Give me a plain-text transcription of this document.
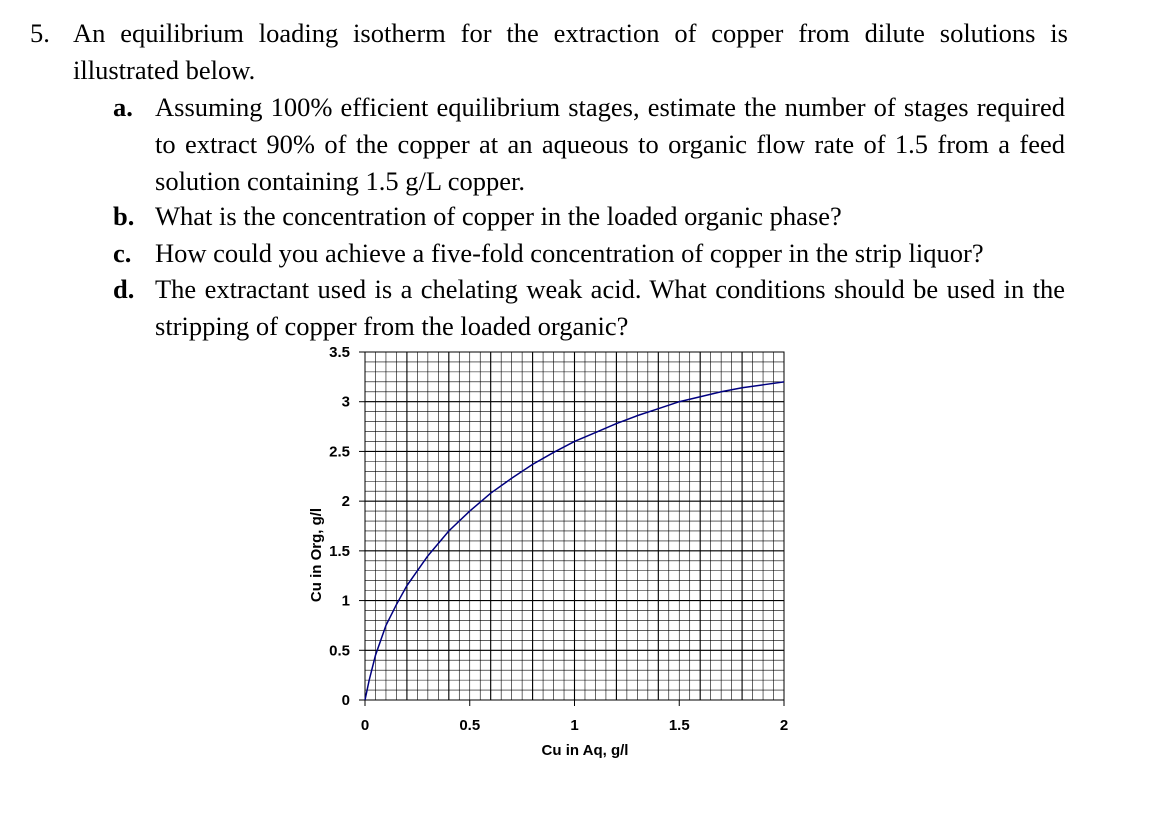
5. An equilibrium loading isotherm for the extraction of copper from dilute solutions is illustrated below.
a. Assuming 100% efficient equilibrium stages, estimate the number of stages required to extract 90% of the copper at an aqueous to organic flow rate of 1.5 from a feed solution containing 1.5 g/L copper.
b. What is the concentration of copper in the loaded organic phase?
c. How could you achieve a five-fold concentration of copper in the strip liquor?
d. The extractant used is a chelating weak acid. What conditions should be used in the stripping of copper from the loaded organic?
0
0.5
1
1.5
2
2.5
3
3.5
0	0.5	1	1.5	2
Cu in Aq, g/l
Cu in Org, g/l
